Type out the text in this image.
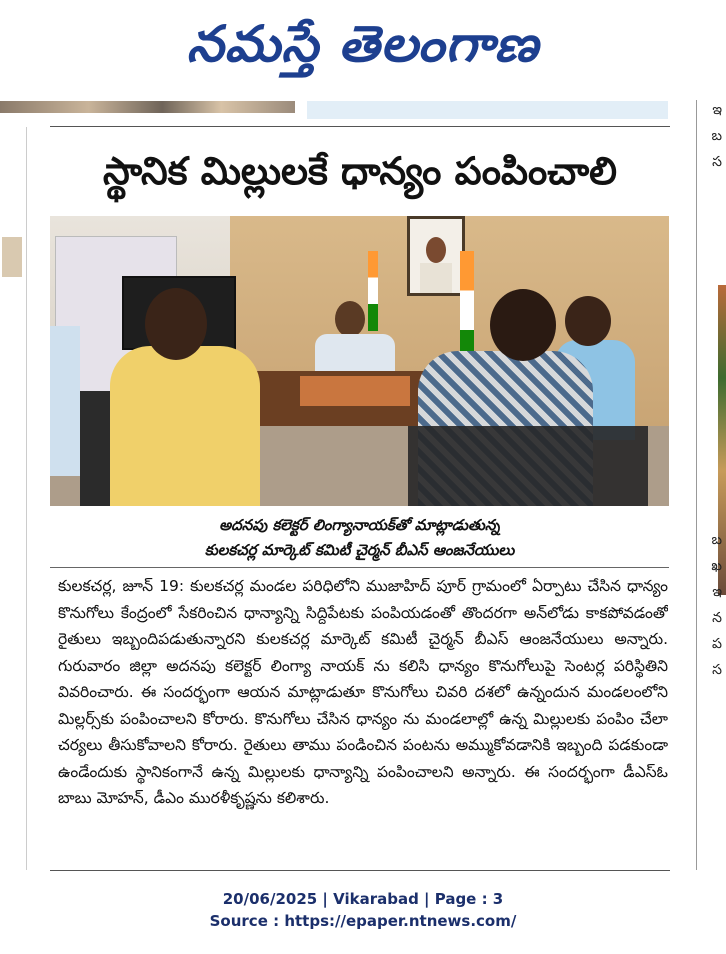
నమస్తే తెలంగాణ
ఇ
బ
స
బ
ఖ
ఇ
న
ప
స
స్థానిక మిల్లులకే ధాన్యం పంపించాలి
అదనపు కలెక్టర్ లింగ్యానాయక్‌తో మాట్లాడుతున్న
కులకచర్ల మార్కెట్ కమిటీ చైర్మన్ బీఎస్ ఆంజనేయులు

కులకచర్ల, జూన్ 19: కులకచర్ల మండల పరిధిలోని ముజాహిద్ పూర్ గ్రామంలో ఏర్పాటు చేసిన ధాన్యం కొనుగోలు కేంద్రంలో సేకరించిన ధాన్యాన్ని సిద్దిపేటకు పంపియడంతో తొందరగా అన్‌లోడు కాకపోవడంతో రైతులు ఇబ్బందిపడుతున్నారని కులకచర్ల మార్కెట్ కమిటీ చైర్మన్ బీఎస్ ఆంజనేయులు అన్నారు. గురువారం జిల్లా అదనపు కలెక్టర్ లింగ్యా నాయక్ ను కలిసి ధాన్యం కొనుగోలుపై సెంటర్ల పరిస్థితిని వివరించారు. ఈ సందర్భంగా ఆయన మాట్లాడుతూ కొనుగోలు చివరి దశలో ఉన్నందున మండలంలోని మిల్లర్స్‌కు పంపించాలని కోరారు. కొనుగోలు చేసిన ధాన్యం ను మండలాల్లో ఉన్న మిల్లులకు పంపిం చేలా చర్యలు తీసుకోవాలని కోరారు. రైతులు తాము పండించిన పంటను అమ్ముకోవడానికి ఇబ్బంది పడకుండా ఉండేందుకు స్థానికంగానే ఉన్న మిల్లులకు ధాన్యాన్ని పంపించాలని అన్నారు. ఈ సందర్భంగా డీఎస్‌ఓ బాబు మోహన్, డీఎం మురళీకృష్ణను కలిశారు.

20/06/2025 | Vikarabad | Page : 3
Source : https://epaper.ntnews.com/
